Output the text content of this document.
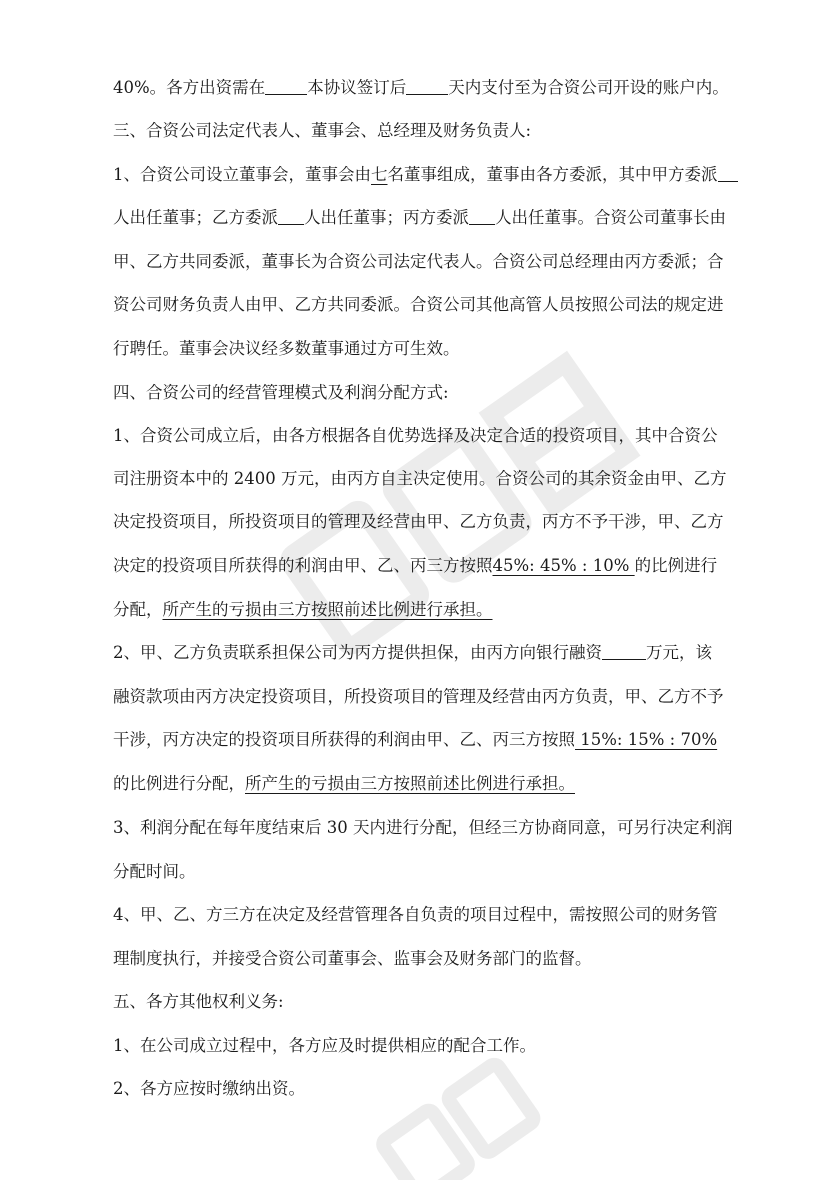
40%。各方出资需在	本协议签订后	天内支付至为合资公司开设的账户内。
三、合资公司法定代表人、董事会、总经理及财务负责人:
1、合资公司设立董事会，董事会由七名董事组成，董事由各方委派，其中甲方委派
人出任董事；乙方委派 人出任董事；丙方委派 人出任董事。合资公司董事长由
甲、乙方共同委派，董事长为合资公司法定代表人。合资公司总经理由丙方委派；合
资公司财务负责人由甲、乙方共同委派。合资公司其他高管人员按照公司法的规定进
行聘任。董事会决议经多数董事通过方可生效。
四、合资公司的经营管理模式及利润分配方式:
1、合资公司成立后，由各方根据各自优势选择及决定合适的投资项目，其中合资公
司注册资本中的 2400 万元，由丙方自主决定使用。合资公司的其余资金由甲、乙方
决定投资项目，所投资项目的管理及经营由甲、乙方负责，丙方不予干涉，甲、乙方
决定的投资项目所获得的利润由甲、乙、丙三方按照45%: 45% : 10% 的比例进行
分配，所产生的亏损由三方按照前述比例进行承担。
2、甲、乙方负责联系担保公司为丙方提供担保，由丙方向银行融资	万元，该
融资款项由丙方决定投资项目，所投资项目的管理及经营由丙方负责，甲、乙方不予
干涉，丙方决定的投资项目所获得的利润由甲、乙、丙三方按照 15%: 15% : 70%
的比例进行分配，所产生的亏损由三方按照前述比例进行承担。
3、利润分配在每年度结束后 30 天内进行分配，但经三方协商同意，可另行决定利润
分配时间。
4、甲、乙、方三方在决定及经营管理各自负责的项目过程中，需按照公司的财务管
理制度执行，并接受合资公司董事会、监事会及财务部门的监督。
五、各方其他权利义务:
1、在公司成立过程中，各方应及时提供相应的配合工作。
2、各方应按时缴纳出资。
